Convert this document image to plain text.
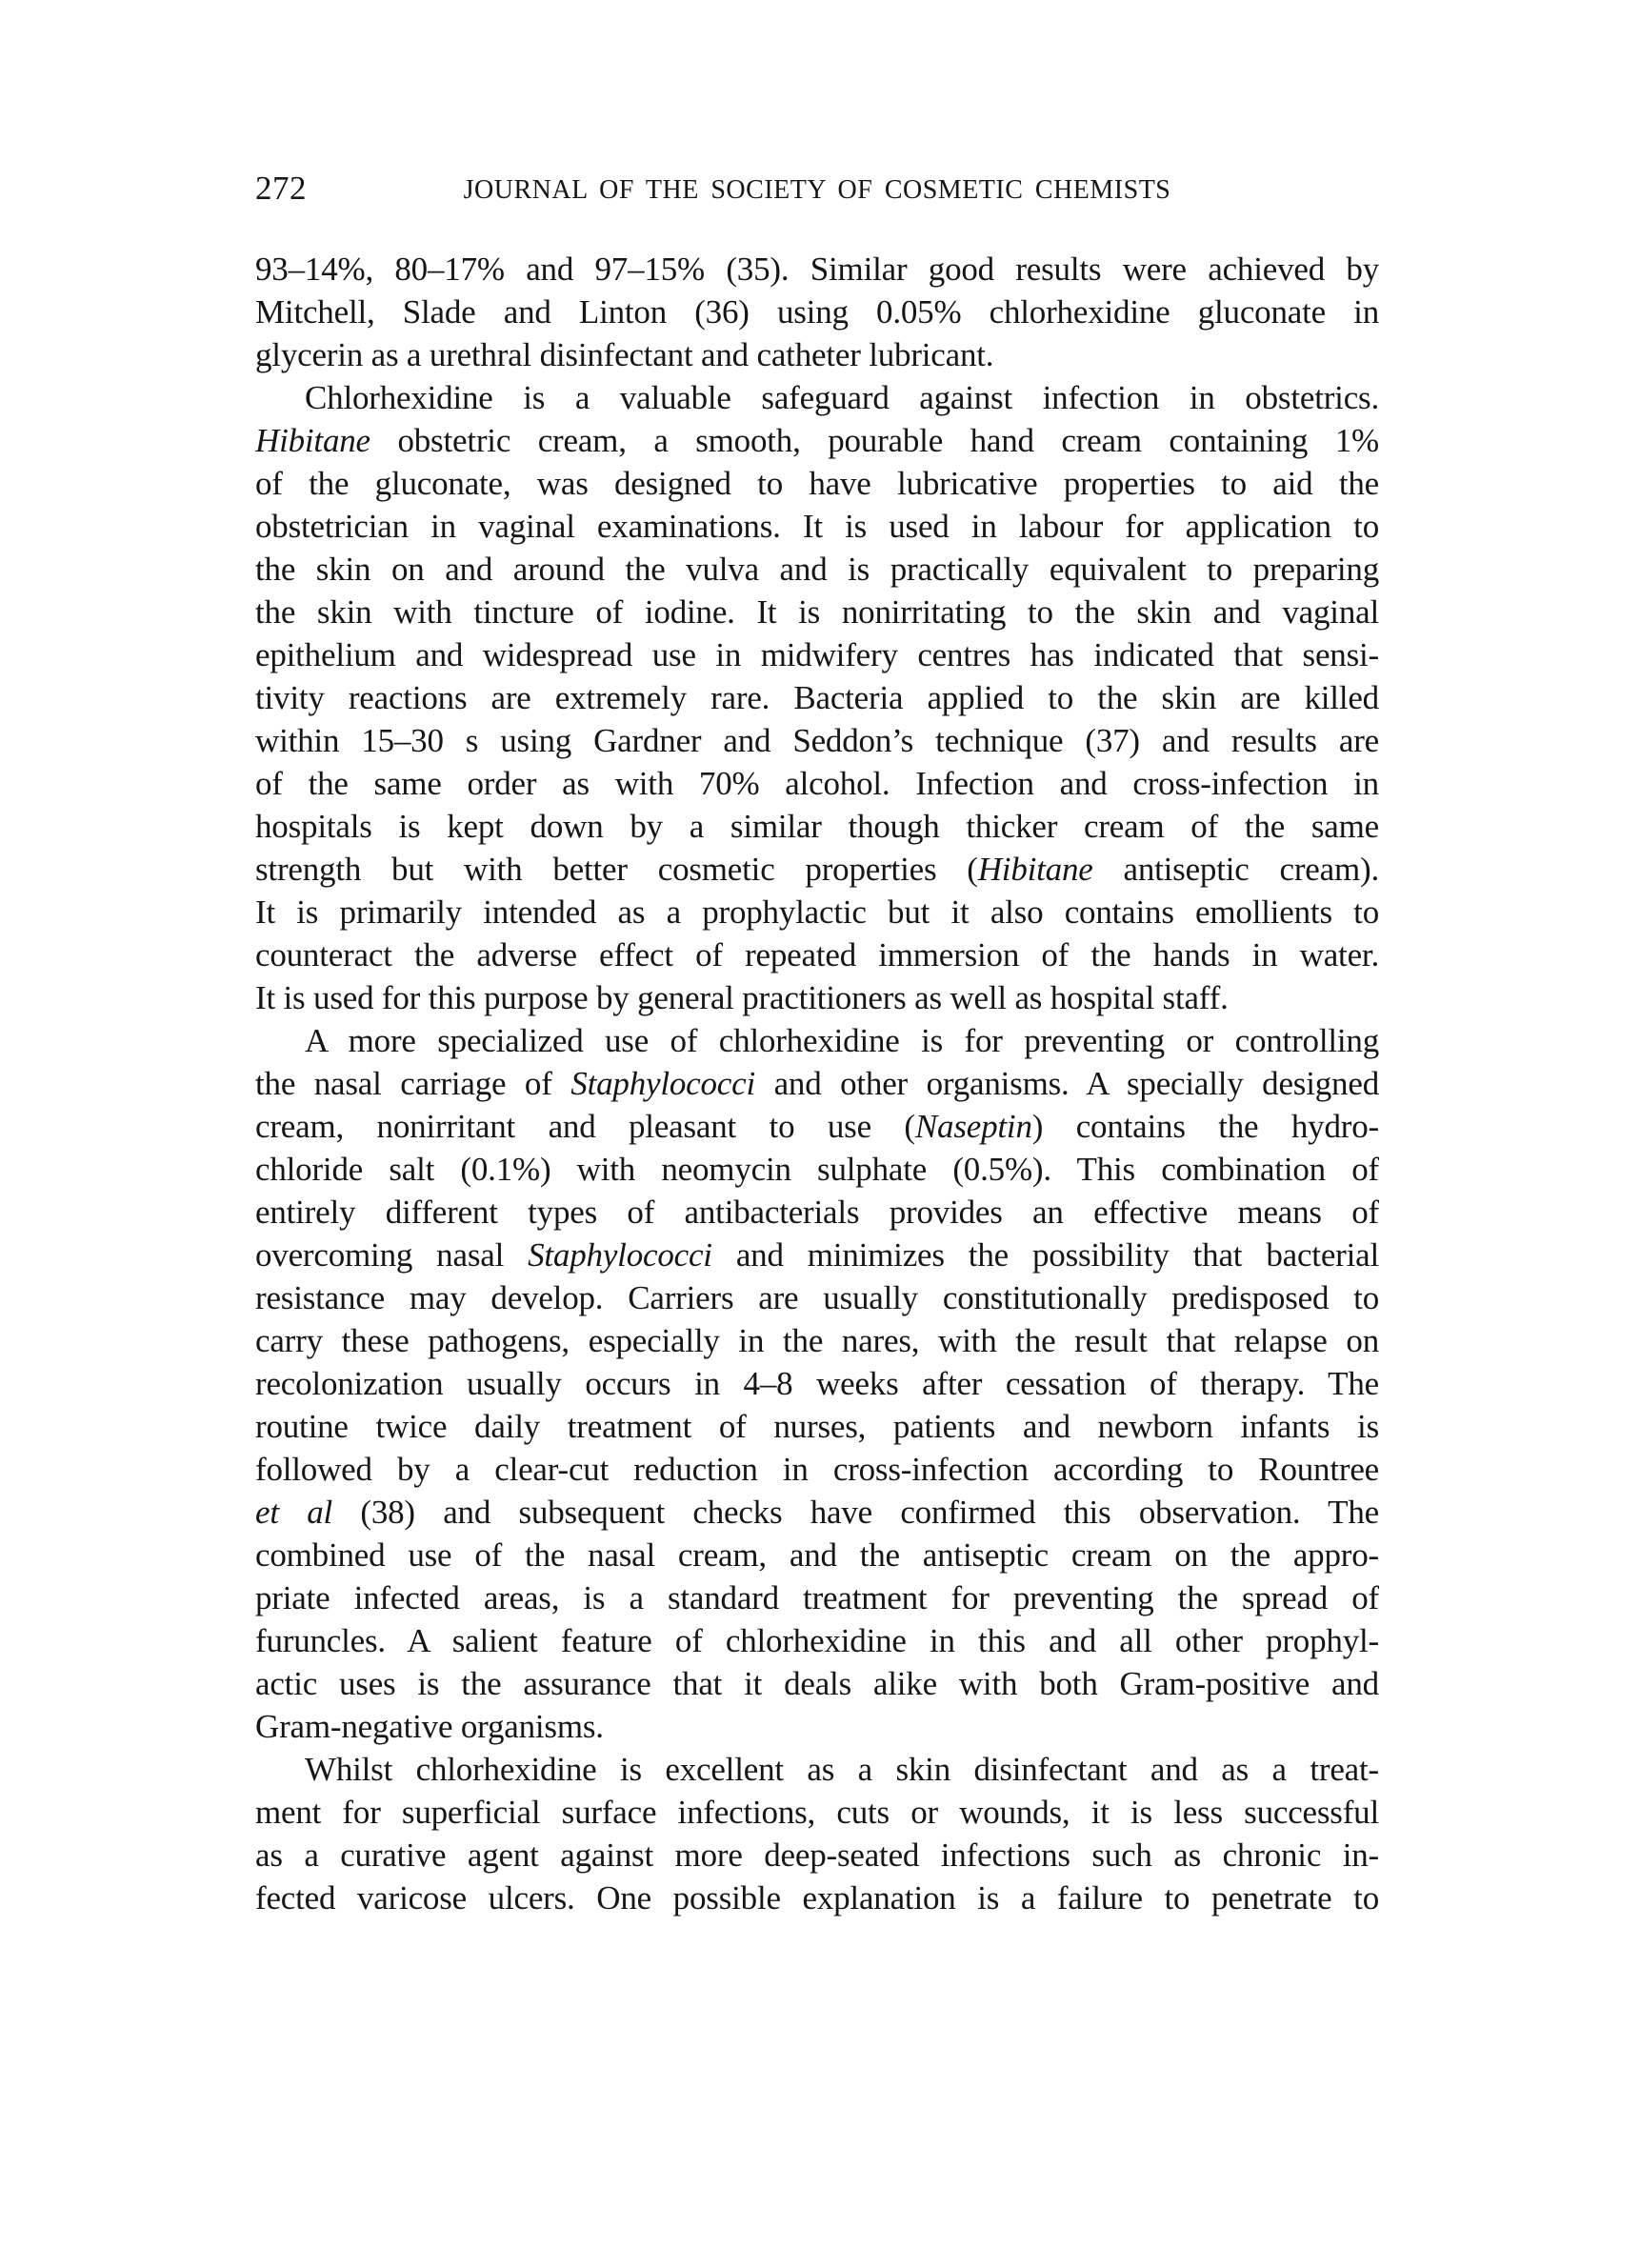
272	JOURNAL OF THE SOCIETY OF COSMETIC CHEMISTS
93–14%, 80–17% and 97–15% (35). Similar good results were achieved by
Mitchell, Slade and Linton (36) using 0.05% chlorhexidine gluconate in
glycerin as a urethral disinfectant and catheter lubricant.
Chlorhexidine is a valuable safeguard against infection in obstetrics.
Hibitane obstetric cream, a smooth, pourable hand cream containing 1%
of the gluconate, was designed to have lubricative properties to aid the
obstetrician in vaginal examinations. It is used in labour for application to
the skin on and around the vulva and is practically equivalent to preparing
the skin with tincture of iodine. It is nonirritating to the skin and vaginal
epithelium and widespread use in midwifery centres has indicated that sensi-
tivity reactions are extremely rare. Bacteria applied to the skin are killed
within 15–30 s using Gardner and Seddon’s technique (37) and results are
of the same order as with 70% alcohol. Infection and cross-infection in
hospitals is kept down by a similar though thicker cream of the same
strength but with better cosmetic properties (Hibitane antiseptic cream).
It is primarily intended as a prophylactic but it also contains emollients to
counteract the adverse effect of repeated immersion of the hands in water.
It is used for this purpose by general practitioners as well as hospital staff.
A more specialized use of chlorhexidine is for preventing or controlling
the nasal carriage of Staphylococci and other organisms. A specially designed
cream, nonirritant and pleasant to use (Naseptin) contains the hydro-
chloride salt (0.1%) with neomycin sulphate (0.5%). This combination of
entirely different types of antibacterials provides an effective means of
overcoming nasal Staphylococci and minimizes the possibility that bacterial
resistance may develop. Carriers are usually constitutionally predisposed to
carry these pathogens, especially in the nares, with the result that relapse on
recolonization usually occurs in 4–8 weeks after cessation of therapy. The
routine twice daily treatment of nurses, patients and newborn infants is
followed by a clear-cut reduction in cross-infection according to Rountree
et al (38) and subsequent checks have confirmed this observation. The
combined use of the nasal cream, and the antiseptic cream on the appro-
priate infected areas, is a standard treatment for preventing the spread of
furuncles. A salient feature of chlorhexidine in this and all other prophyl-
actic uses is the assurance that it deals alike with both Gram-positive and
Gram-negative organisms.
Whilst chlorhexidine is excellent as a skin disinfectant and as a treat-
ment for superficial surface infections, cuts or wounds, it is less successful
as a curative agent against more deep-seated infections such as chronic in-
fected varicose ulcers. One possible explanation is a failure to penetrate to
